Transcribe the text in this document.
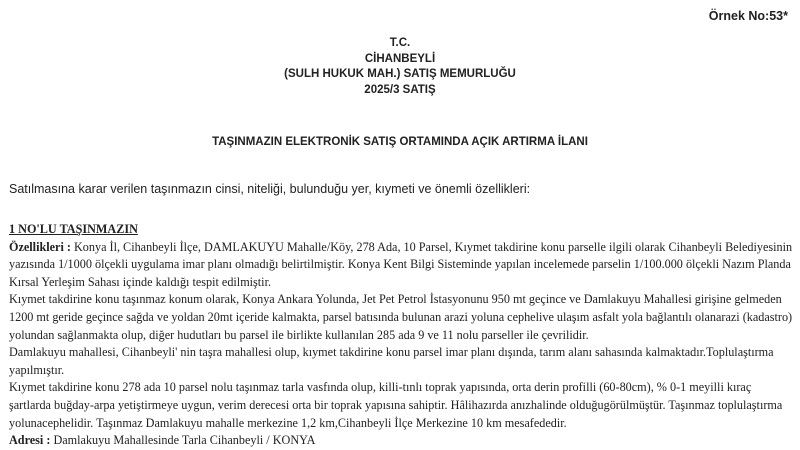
Örnek No:53*
T.C.
CİHANBEYLİ
(SULH HUKUK MAH.) SATIŞ MEMURLUĞU
2025/3 SATIŞ
TAŞINMAZIN ELEKTRONİK SATIŞ ORTAMINDA AÇIK ARTIRMA İLANI
Satılmasına karar verilen taşınmazın cinsi, niteliği, bulunduğu yer, kıymeti ve önemli özellikleri:
1 NO'LU TAŞINMAZIN

Özellikleri : Konya İl, Cihanbeyli İlçe, DAMLAKUYU Mahalle/Köy, 278 Ada, 10 Parsel, Kıymet takdirine konu parselle ilgili olarak Cihanbeyli Belediyesinin yazısında 1/1000 ölçekli uygulama imar planı olmadığı belirtilmiştir. Konya Kent Bilgi Sisteminde yapılan incelemede parselin 1/100.000 ölçekli Nazım Planda Kırsal Yerleşim Sahası içinde kaldığı tespit edilmiştir.

Kıymet takdirine konu taşınmaz konum olarak, Konya Ankara Yolunda, Jet Pet Petrol İstasyonunu 950 mt geçince ve Damlakuyu Mahallesi girişine gelmeden 1200 mt geride geçince sağda ve yoldan 20mt içeride kalmakta, parsel batısında bulunan arazi yoluna cephelive ulaşım asfalt yola bağlantılı olanarazi (kadastro) yolundan sağlanmakta olup, diğer hudutları bu parsel ile birlikte kullanılan 285 ada 9 ve 11 nolu parseller ile çevrilidir.

Damlakuyu mahallesi, Cihanbeyli' nin taşra mahallesi olup, kıymet takdirine konu parsel imar planı dışında, tarım alanı sahasında kalmaktadır.Toplulaştırma yapılmıştır.

Kıymet takdirine konu 278 ada 10 parsel nolu taşınmaz tarla vasfında olup, killi-tınlı toprak yapısında, orta derin profilli (60-80cm), % 0-1 meyilli kıraç şartlarda buğday-arpa yetiştirmeye uygun, verim derecesi orta bir toprak yapısına sahiptir. Hâlihazırda anızhalinde olduğugörülmüştür. Taşınmaz toplulaştırma yolunacephelidir. Taşınmaz Damlakuyu mahalle merkezine 1,2 km,Cihanbeyli İlçe Merkezine 10 km mesafededir.

Adresi : Damlakuyu Mahallesinde Tarla Cihanbeyli / KONYA
